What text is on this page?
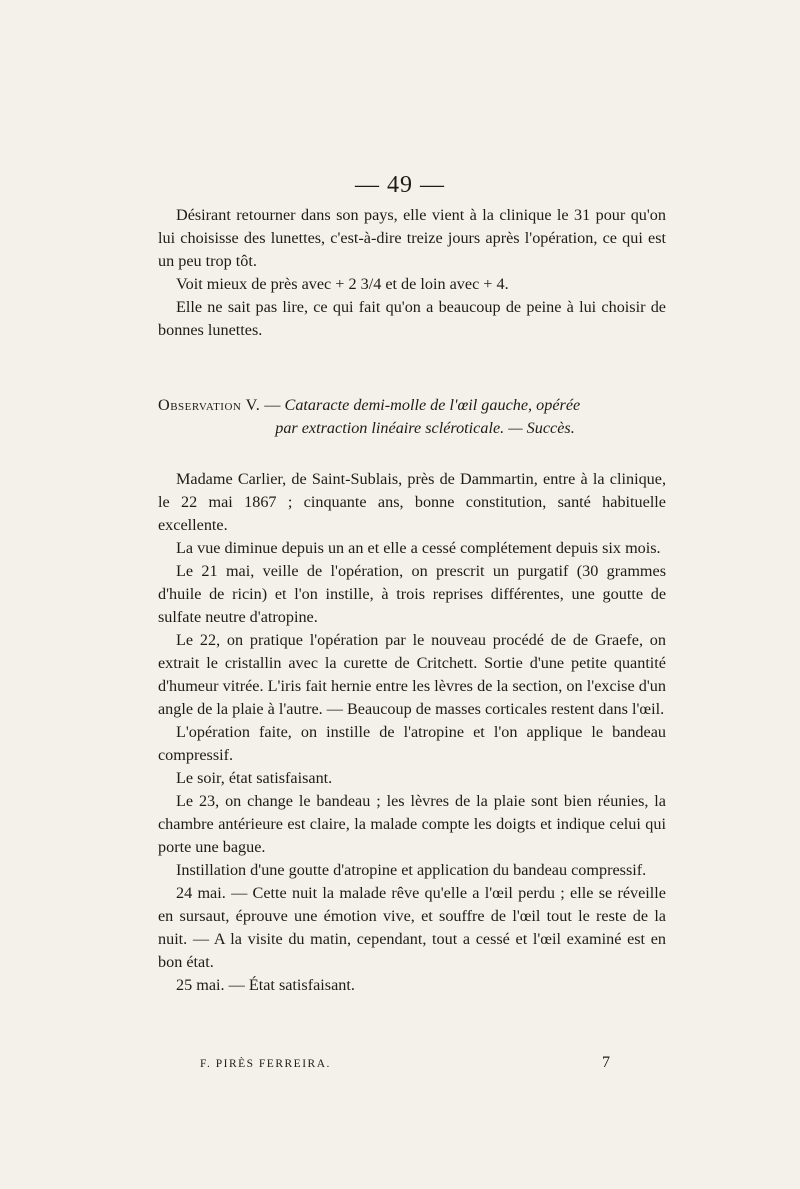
— 49 —

Désirant retourner dans son pays, elle vient à la clinique le 31 pour qu'on lui choisisse des lunettes, c'est-à-dire treize jours après l'opération, ce qui est un peu trop tôt.

Voit mieux de près avec + 2 3/4 et de loin avec + 4.

Elle ne sait pas lire, ce qui fait qu'on a beaucoup de peine à lui choisir de bonnes lunettes.

Observation V. — Cataracte demi-molle de l'œil gauche, opérée

par extraction linéaire scléroticale. — Succès.

Madame Carlier, de Saint-Sublais, près de Dammartin, entre à la clinique, le 22 mai 1867 ; cinquante ans, bonne constitution, santé habituelle excellente.

La vue diminue depuis un an et elle a cessé complétement depuis six mois.

Le 21 mai, veille de l'opération, on prescrit un purgatif (30 grammes d'huile de ricin) et l'on instille, à trois reprises différentes, une goutte de sulfate neutre d'atropine.

Le 22, on pratique l'opération par le nouveau procédé de de Graefe, on extrait le cristallin avec la curette de Critchett. Sortie d'une petite quantité d'humeur vitrée. L'iris fait hernie entre les lèvres de la section, on l'excise d'un angle de la plaie à l'autre. — Beaucoup de masses corticales restent dans l'œil.

L'opération faite, on instille de l'atropine et l'on applique le bandeau compressif.

Le soir, état satisfaisant.

Le 23, on change le bandeau ; les lèvres de la plaie sont bien réunies, la chambre antérieure est claire, la malade compte les doigts et indique celui qui porte une bague.

Instillation d'une goutte d'atropine et application du bandeau compressif.

24 mai. — Cette nuit la malade rêve qu'elle a l'œil perdu ; elle se réveille en sursaut, éprouve une émotion vive, et souffre de l'œil tout le reste de la nuit. — A la visite du matin, cependant, tout a cessé et l'œil examiné est en bon état.

25 mai. — État satisfaisant.

F. PIRÈS FERREIRA.	7
